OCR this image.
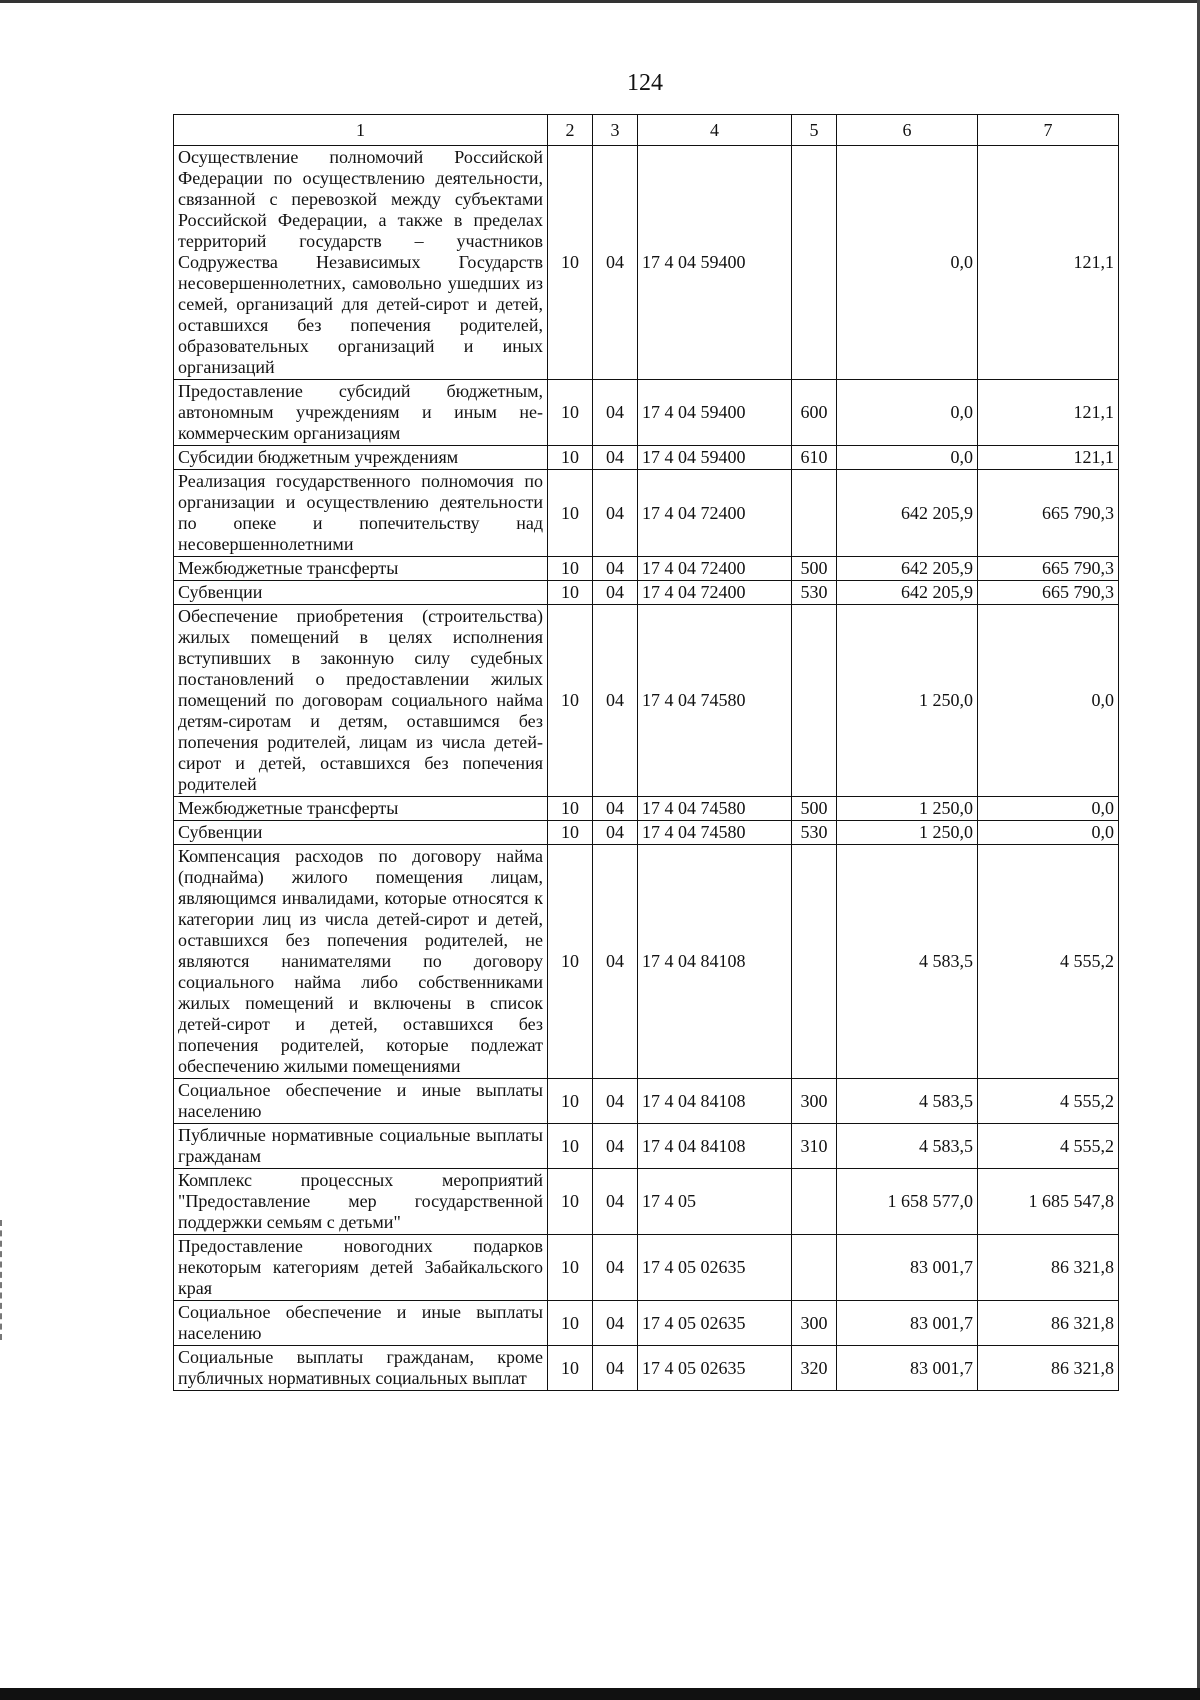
124
1	2	3	4	5	6	7
Осуществление полномочий Российской Федерации по осуществлению деятельности, связанной с перевозкой между субъектами Российской Федерации, а также в пределах территорий государств – участников Содружества Независимых Государств несовершеннолетних, самовольно ушедших из семей, организаций для детей-сирот и детей, оставшихся без попечения родителей, образовательных организаций и иных организаций	10	04	17 4 04 59400		0,0	121,1
Предоставление субсидий бюджетным, автономным учреждениям и иным некоммерческим организациям	10	04	17 4 04 59400	600	0,0	121,1
Субсидии бюджетным учреждениям	10	04	17 4 04 59400	610	0,0	121,1
Реализация государственного полномочия по организации и осуществлению деятельности по опеке и попечительству над несовершеннолетними	10	04	17 4 04 72400		642 205,9	665 790,3
Межбюджетные трансферты	10	04	17 4 04 72400	500	642 205,9	665 790,3
Субвенции	10	04	17 4 04 72400	530	642 205,9	665 790,3
Обеспечение приобретения (строительства) жилых помещений в целях исполнения вступивших в законную силу судебных постановлений о предоставлении жилых помещений по договорам социального найма детям-сиротам и детям, оставшимся без попечения родителей, лицам из числа детей-сирот и детей, оставшихся без попечения родителей	10	04	17 4 04 74580		1 250,0	0,0
Межбюджетные трансферты	10	04	17 4 04 74580	500	1 250,0	0,0
Субвенции	10	04	17 4 04 74580	530	1 250,0	0,0
Компенсация расходов по договору найма (поднайма) жилого помещения лицам, являющимся инвалидами, которые относятся к категории лиц из числа детей-сирот и детей, оставшихся без попечения родителей, не являются нанимателями по договору социального найма либо собственниками жилых помещений и включены в список детей-сирот и детей, оставшихся без попечения родителей, которые подлежат обеспечению жилыми помещениями	10	04	17 4 04 84108		4 583,5	4 555,2
Социальное обеспечение и иные выплаты населению	10	04	17 4 04 84108	300	4 583,5	4 555,2
Публичные нормативные социальные выплаты гражданам	10	04	17 4 04 84108	310	4 583,5	4 555,2
Комплекс процессных мероприятий "Предоставление мер государственной поддержки семьям с детьми"	10	04	17 4 05		1 658 577,0	1 685 547,8
Предоставление новогодних подарков некоторым категориям детей Забайкальского края	10	04	17 4 05 02635		83 001,7	86 321,8
Социальное обеспечение и иные выплаты населению	10	04	17 4 05 02635	300	83 001,7	86 321,8
Социальные выплаты гражданам, кроме публичных нормативных социальных выплат	10	04	17 4 05 02635	320	83 001,7	86 321,8
